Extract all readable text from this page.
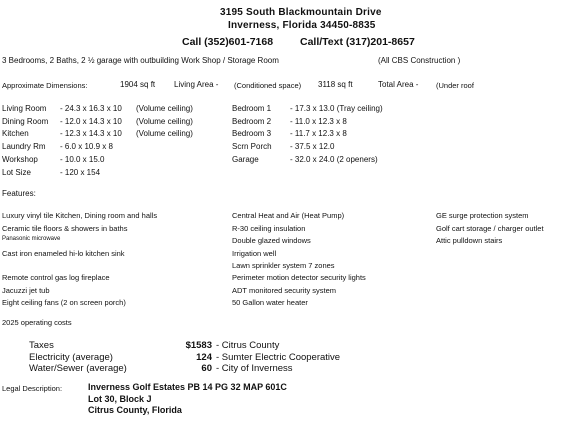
3195 South Blackmountain Drive
Inverness, Florida 34450-8835
Call (352)601-7168	Call/Text (317)201-8657
3 Bedrooms, 2 Baths, 2 ½ garage with outbuilding Work Shop / Storage Room	(All CBS Construction )
Approximate Dimensions:	1904 sq ft Living Area - (Conditioned space) 3118 sq ft	Total Area - (Under roof
Living Room - 24.3 x 16.3 x 10 (Volume ceiling)
Dining Room - 12.0 x 14.3 x 10 (Volume ceiling)
Kitchen	- 12.3 x 14.3 x 10 (Volume ceiling)
Laundry Rm - 6.0 x 10.9 x 8
Workshop	- 10.0 x 15.0
Lot Size	- 120 x 154
Bedroom 1 - 17.3 x 13.0 (Tray ceiling)
Bedroom 2 - 11.0 x 12.3 x 8
Bedroom 3 - 11.7 x 12.3 x 8
Scrn Porch - 37.5 x 12.0
Garage	- 32.0 x 24.0 (2 openers)
Features:
Luxury vinyl tile Kitchen, Dining room and halls
Ceramic tile floors & showers in baths
Panasonic microwave
Cast iron enameled hi-lo kitchen sink
Remote control gas log fireplace
Jacuzzi jet tub
Eight ceiling fans (2 on screen porch)
Central Heat and Air (Heat Pump)
R-30 ceiling insulation
Double glazed windows
Irrigation well
Lawn sprinkler system 7 zones
Perimeter motion detector security lights
ADT monitored security system
50 Gallon water heater
GE surge protection system
Golf cart storage / charger outlet
Attic pulldown stairs
2025 operating costs
Taxes	$1583 - Citrus County
Electricity (average)	124 - Sumter Electric Cooperative
Water/Sewer (average)	60 - City of Inverness
Legal Description:	Inverness Golf Estates PB 14 PG 32 MAP 601C
Lot 30, Block J
Citrus County, Florida
